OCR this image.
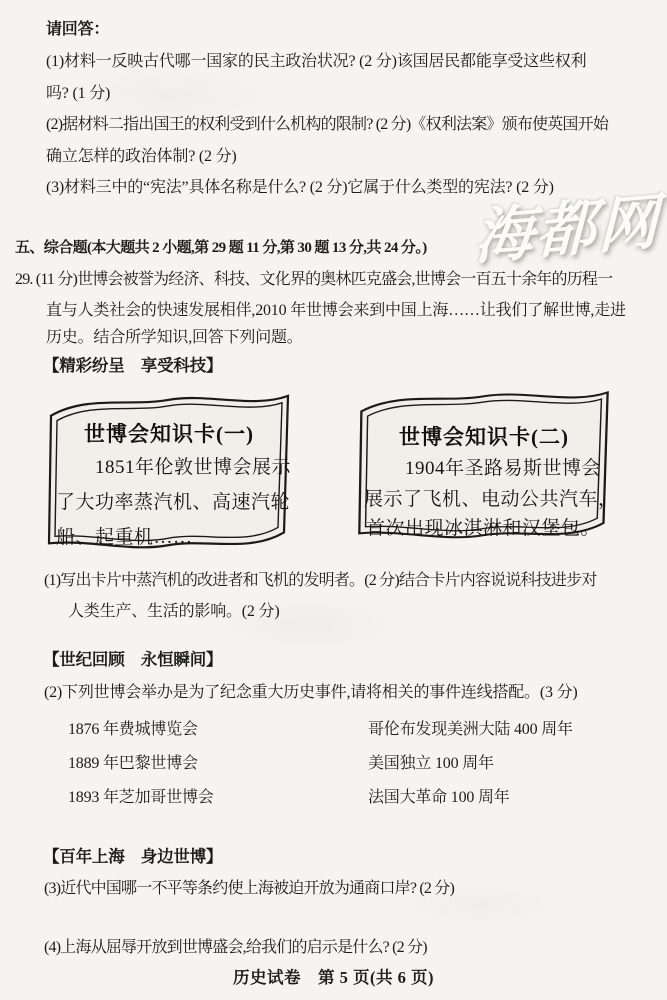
请回答：
(1)材料一反映古代哪一国家的民主政治状况? (2 分)该国居民都能享受这些权利
吗? (1 分)
(2)据材料二指出国王的权利受到什么机构的限制? (2 分)《权利法案》颁布使英国开始
确立怎样的政治体制? (2 分)
(3)材料三中的“宪法”具体名称是什么? (2 分)它属于什么类型的宪法? (2 分)
海都网
五、综合题(本大题共 2 小题,第 29 题 11 分,第 30 题 13 分,共 24 分。)
29. (11 分)世博会被誉为经济、科技、文化界的奥林匹克盛会,世博会一百五十余年的历程一
直与人类社会的快速发展相伴,2010 年世博会来到中国上海……让我们了解世博,走进
历史。结合所学知识,回答下列问题。
【精彩纷呈　享受科技】
世博会知识卡(一)
1851年伦敦世博会展示
了大功率蒸汽机、高速汽轮
船、起重机……
世博会知识卡(二)
1904年圣路易斯世博会
展示了飞机、电动公共汽车，
首次出现冰淇淋和汉堡包。
(1)写出卡片中蒸汽机的改进者和飞机的发明者。(2 分)结合卡片内容说说科技进步对
人类生产、生活的影响。(2 分)
【世纪回顾　永恒瞬间】
(2)下列世博会举办是为了纪念重大历史事件,请将相关的事件连线搭配。(3 分)
1876 年费城博览会	哥伦布发现美洲大陆 400 周年
1889 年巴黎世博会	美国独立 100 周年
1893 年芝加哥世博会	法国大革命 100 周年
【百年上海　身边世博】
(3)近代中国哪一不平等条约使上海被迫开放为通商口岸? (2 分)
(4)上海从屈辱开放到世博盛会,给我们的启示是什么? (2 分)
历史试卷　第 5 页(共 6 页)
